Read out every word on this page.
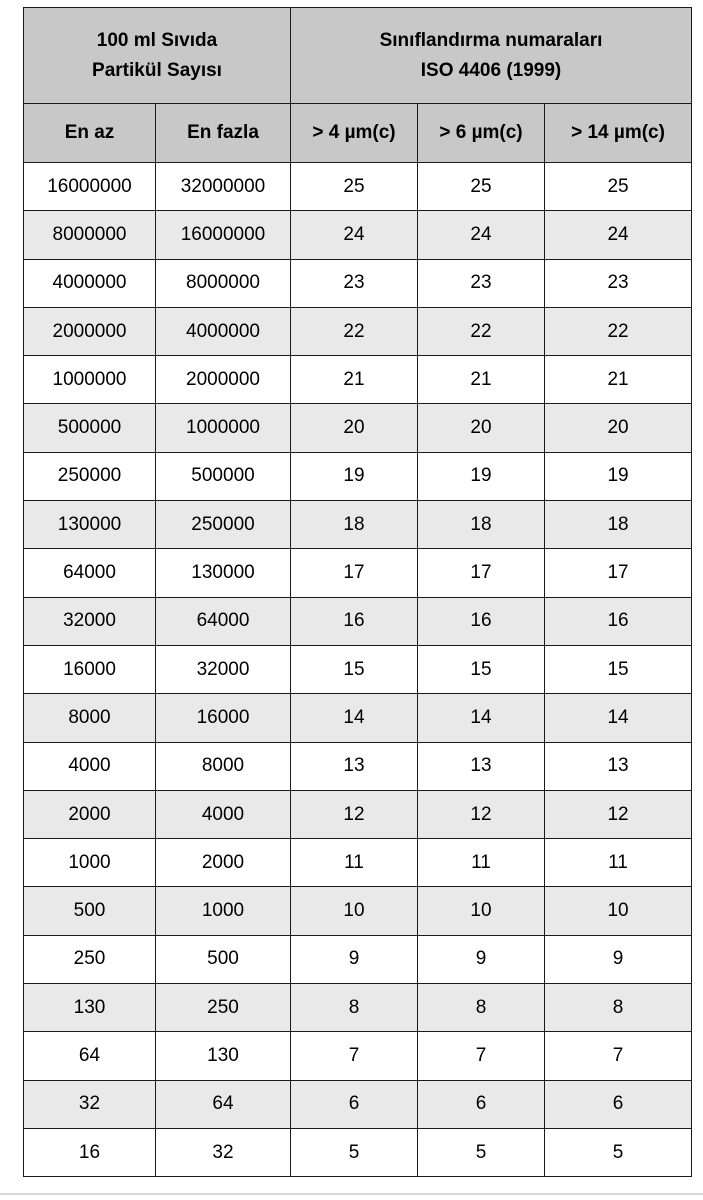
100 ml Sıvıda
Partikül Sayısı		Sınıflandırma numaraları
ISO 4406 (1999)		

En az	En fazla	> 4 µm(c)	> 6 µm(c)	> 14 µm(c)
16000000	32000000	25	25	25
8000000	16000000	24	24	24
4000000	8000000	23	23	23
2000000	4000000	22	22	22
1000000	2000000	21	21	21
500000	1000000	20	20	20
250000	500000	19	19	19
130000	250000	18	18	18
64000	130000	17	17	17
32000	64000	16	16	16
16000	32000	15	15	15
8000	16000	14	14	14
4000	8000	13	13	13
2000	4000	12	12	12
1000	2000	11	11	11
500	1000	10	10	10
250	500	9	9	9
130	250	8	8	8
64	130	7	7	7
32	64	6	6	6
16	32	5	5	5
